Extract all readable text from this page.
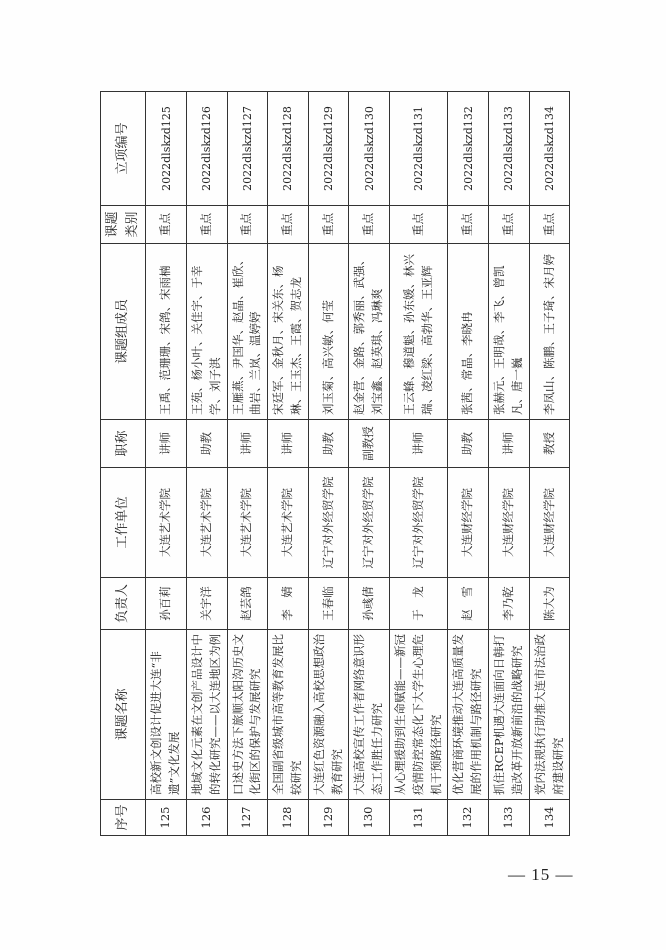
序号	课题名称	负责人	工作单位	职称	课题组成员	课题类别	立项编号
125	高校新文创设计促进大连“非遗”文化发展	孙百莉	大连艺术学院	讲师	王禹、范珊珊、宋鸽、宋雨楠	重点	2022dlskzd125
126	地域文化元素在文创产品设计中的转化研究——以大连地区为例	关宇洋	大连艺术学院	助教	王苑、杨小叶、关佳宇、于幸学、刘子淇	重点	2022dlskzd126
127	口述史方法下旅顺太阳沟历史文化街区的保护与发展研究	赵芸鸽	大连艺术学院	讲师	王雁燕、尹国华、赵晶、崔欣、曲岩、兰岚、温婷婷	重点	2022dlskzd127
128	全国副省级城市高等教育发展比较研究	李　婧	大连艺术学院	讲师	宋廷军、金秋月、宋关东、杨琳、王玉杰、王霞、贺志龙	重点	2022dlskzd128
129	大连红色资源融入高校思想政治教育研究	王春临	辽宁对外经贸学院	助教	刘玉菊、高兴敏、何莹	重点	2022dlskzd129
130	大连高校宣传工作者网络意识形态工作胜任力研究	孙彧倩	辽宁对外经贸学院	副教授	赵金营、金路、郭秀丽、武强、刘宝鑫、赵英琪、冯琳爽	重点	2022dlskzd130
131	从心理援助到生命赋能——新冠疫情防控常态化下大学生心理危机干预路径研究	于　龙	辽宁对外经贸学院	讲师	王云蜂、穆道魁、孙东媛、林兴瑞、凌红梁、高勃华、王亚辉	重点	2022dlskzd131
132	优化营商环境推动大连高质量发展的作用机制与路径研究	赵　雪	大连财经学院	助教	张茜、常晶、李晓冉	重点	2022dlskzd132
133	抓住RCEP机遇大连面向日韩打造改革开放新前沿的战略研究	李乃乾	大连财经学院	讲师	张赫元、王明哉、李飞、曾凯凡、唐一巍	重点	2022dlskzd133
134	党内法规执行助推大连市法治政府建设研究	陈大为	大连财经学院	教授	李凤山、陈鹏、王子琦、宋月婷	重点	2022dlskzd134
— 15 —
